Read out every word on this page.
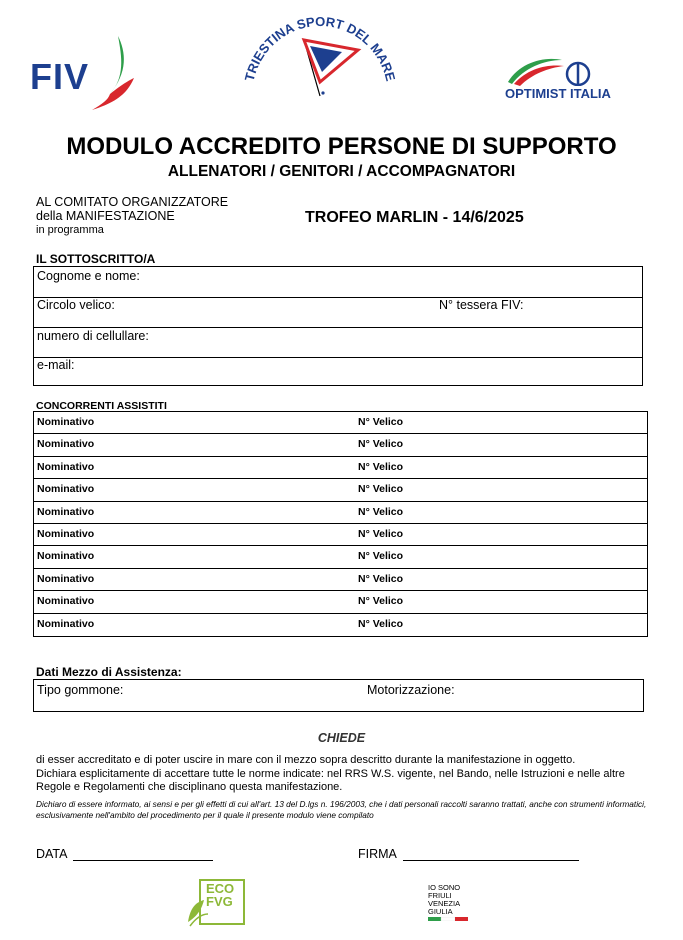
FIV	TRIESTINA SPORT DEL MARE
OPTIMIST ITALIA
MODULO ACCREDITO PERSONE DI SUPPORTO
ALLENATORI / GENITORI / ACCOMPAGNATORI
AL COMITATO ORGANIZZATORE
della MANIFESTAZIONE
in programma
TROFEO MARLIN - 14/6/2025
IL SOTTOSCRITTO/A
Cognome e nome:
Circolo velico:	N° tessera FIV:
numero di cellullare:
e-mail:
CONCORRENTI ASSISTITI
Nominativo	N° Velico
Nominativo	N° Velico
Nominativo	N° Velico
Nominativo	N° Velico
Nominativo	N° Velico
Nominativo	N° Velico
Nominativo	N° Velico
Nominativo	N° Velico
Nominativo	N° Velico
Nominativo	N° Velico
Dati Mezzo di Assistenza:
Tipo gommone:	Motorizzazione:
CHIEDE
di esser accreditato e di poter uscire in mare con il mezzo sopra descritto durante la manifestazione in oggetto.
Dichiara esplicitamente di accettare tutte le norme indicate: nel RRS W.S. vigente, nel Bando, nelle Istruzioni e nelle altre Regole e Regolamenti che disciplinano questa manifestazione.
Dichiaro di essere informato, ai sensi e per gli effetti di cui all'art. 13 del D.lgs n. 196/2003, che i dati personali raccolti saranno trattati, anche con strumenti informatici, esclusivamente nell'ambito del procedimento per il quale il presente modulo viene compilato
DATA	FIRMA
ECO
FVG
IO SONO
FRIULI
VENEZIA
GIULIA
